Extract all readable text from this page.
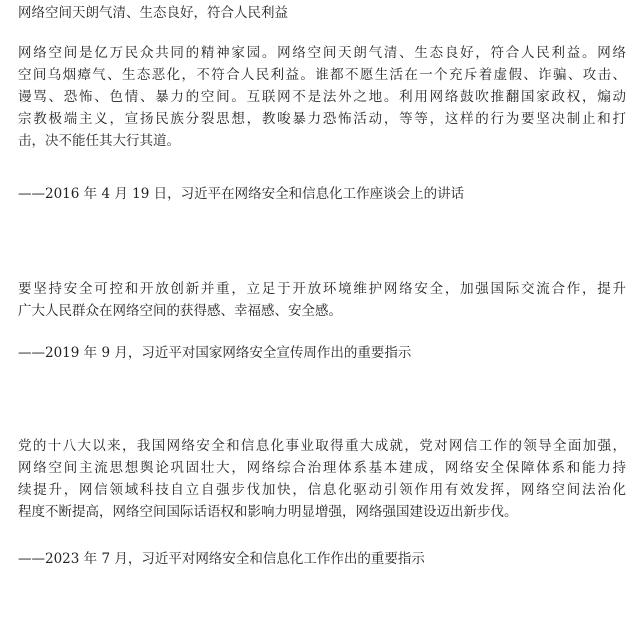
网络空间天朗气清、生态良好，符合人民利益
网络空间是亿万民众共同的精神家园。网络空间天朗气清、生态良好，符合人民利益。网络
空间乌烟瘴气、生态恶化，不符合人民利益。谁都不愿生活在一个充斥着虚假、诈骗、攻击、
谩骂、恐怖、色情、暴力的空间。互联网不是法外之地。利用网络鼓吹推翻国家政权，煽动
宗教极端主义，宣扬民族分裂思想，教唆暴力恐怖活动，等等，这样的行为要坚决制止和打
击，决不能任其大行其道。
——2016 年 4 月 19 日，习近平在网络安全和信息化工作座谈会上的讲话
要坚持安全可控和开放创新并重，立足于开放环境维护网络安全，加强国际交流合作，提升
广大人民群众在网络空间的获得感、幸福感、安全感。
——2019 年 9 月，习近平对国家网络安全宣传周作出的重要指示
党的十八大以来，我国网络安全和信息化事业取得重大成就，党对网信工作的领导全面加强，
网络空间主流思想舆论巩固壮大，网络综合治理体系基本建成，网络安全保障体系和能力持
续提升，网信领域科技自立自强步伐加快，信息化驱动引领作用有效发挥，网络空间法治化
程度不断提高，网络空间国际话语权和影响力明显增强，网络强国建设迈出新步伐。
——2023 年 7 月，习近平对网络安全和信息化工作作出的重要指示
